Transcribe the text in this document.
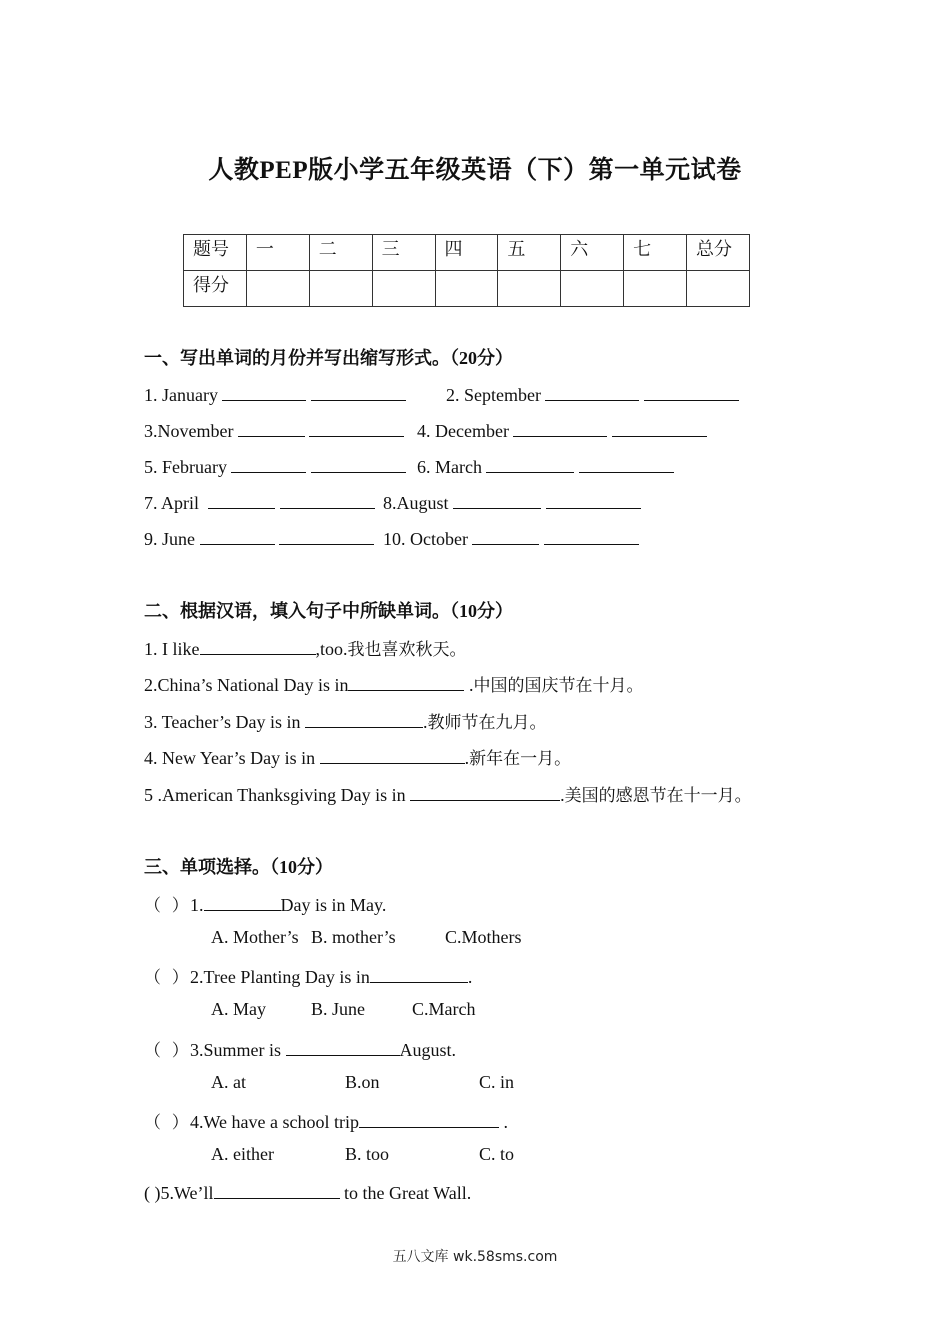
人教PEP版小学五年级英语（下）第一单元试卷
题号	一	二	三	四	五	六	七	总分
得分								
一、写出单词的月份并写出缩写形式。（20分）
1. January	2. September
3.November	4. December
5. February	6. March
7. April	8.August
9. June	10. October
二、根据汉语，填入句子中所缺单词。（10分）
1. I like	,too.我也喜欢秋天。
2.China’s National Day is in	.中国的国庆节在十月。
3. Teacher’s Day is in	.教师节在九月。
4. New Year’s Day is in	.新年在一月。
5 .American Thanksgiving Day is in	.美国的感恩节在十一月。
三、单项选择。（10分）
（  ）1.	Day is in May.
A. Mother’s B. mother’s	C.Mothers
（  ）2.Tree Planting Day is in	.
A. May	B. June	C.March
（  ）3.Summer is	August.
A. at	B.on	C. in
（  ）4.We have a school trip	.
A. either	B. too	C. to
( )5.We’ll	to the Great Wall.
五八文库 wk.58sms.com
